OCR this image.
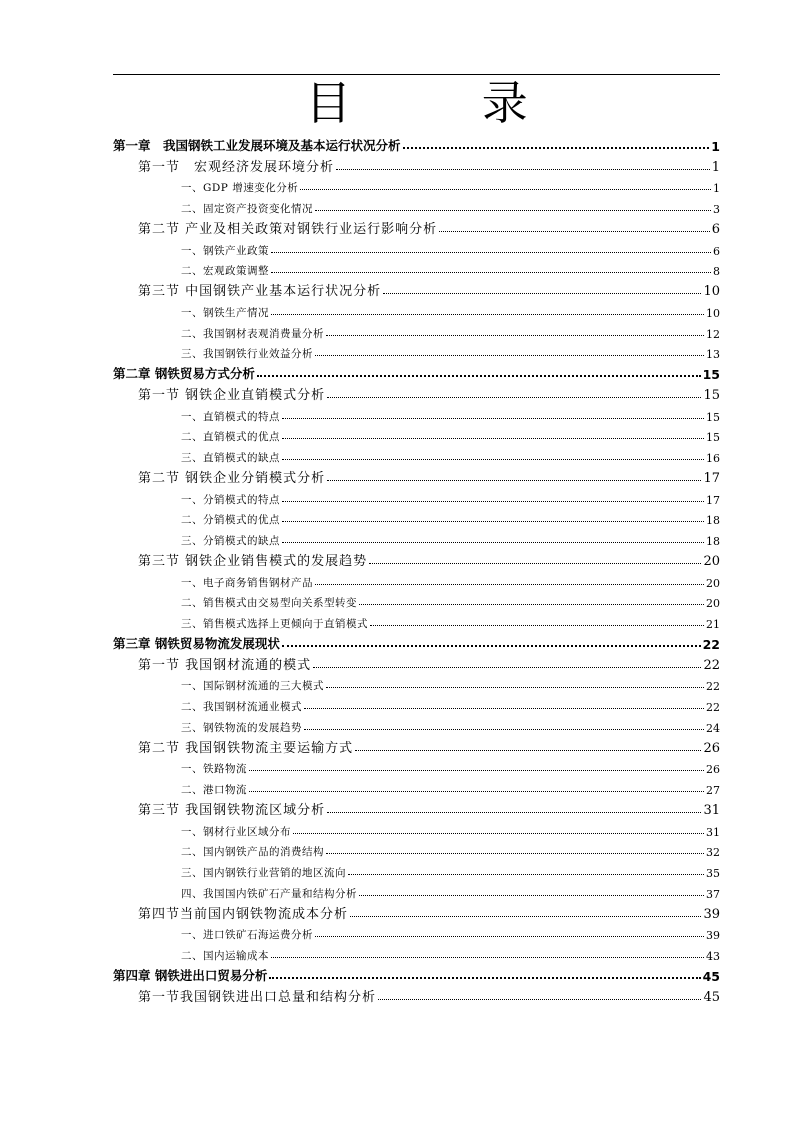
目 录
第一章　我国钢铁工业发展环境及基本运行状况分析	1
第一节　宏观经济发展环境分析	1
一、GDP 增速变化分析	1
二、固定资产投资变化情况	3
第二节 产业及相关政策对钢铁行业运行影响分析	6
一、钢铁产业政策	6
二、宏观政策调整	8
第三节 中国钢铁产业基本运行状况分析	10
一、钢铁生产情况	10
二、我国钢材表观消费量分析	12
三、我国钢铁行业效益分析	13
第二章 钢铁贸易方式分析	15
第一节 钢铁企业直销模式分析	15
一、直销模式的特点	15
二、直销模式的优点	15
三、直销模式的缺点	16
第二节 钢铁企业分销模式分析	17
一、分销模式的特点	17
二、分销模式的优点	18
三、分销模式的缺点	18
第三节 钢铁企业销售模式的发展趋势	20
一、电子商务销售钢材产品	20
二、销售模式由交易型向关系型转变	20
三、销售模式选择上更倾向于直销模式	21
第三章 钢铁贸易物流发展现状	22
第一节 我国钢材流通的模式	22
一、国际钢材流通的三大模式	22
二、我国钢材流通业模式	22
三、钢铁物流的发展趋势	24
第二节 我国钢铁物流主要运输方式	26
一、铁路物流	26
二、港口物流	27
第三节 我国钢铁物流区域分析	31
一、钢材行业区域分布	31
二、国内钢铁产品的消费结构	32
三、国内钢铁行业营销的地区流向	35
四、我国国内铁矿石产量和结构分析	37
第四节当前国内钢铁物流成本分析	39
一、进口铁矿石海运费分析	39
二、国内运输成本	43
第四章 钢铁进出口贸易分析	45
第一节我国钢铁进出口总量和结构分析	45
